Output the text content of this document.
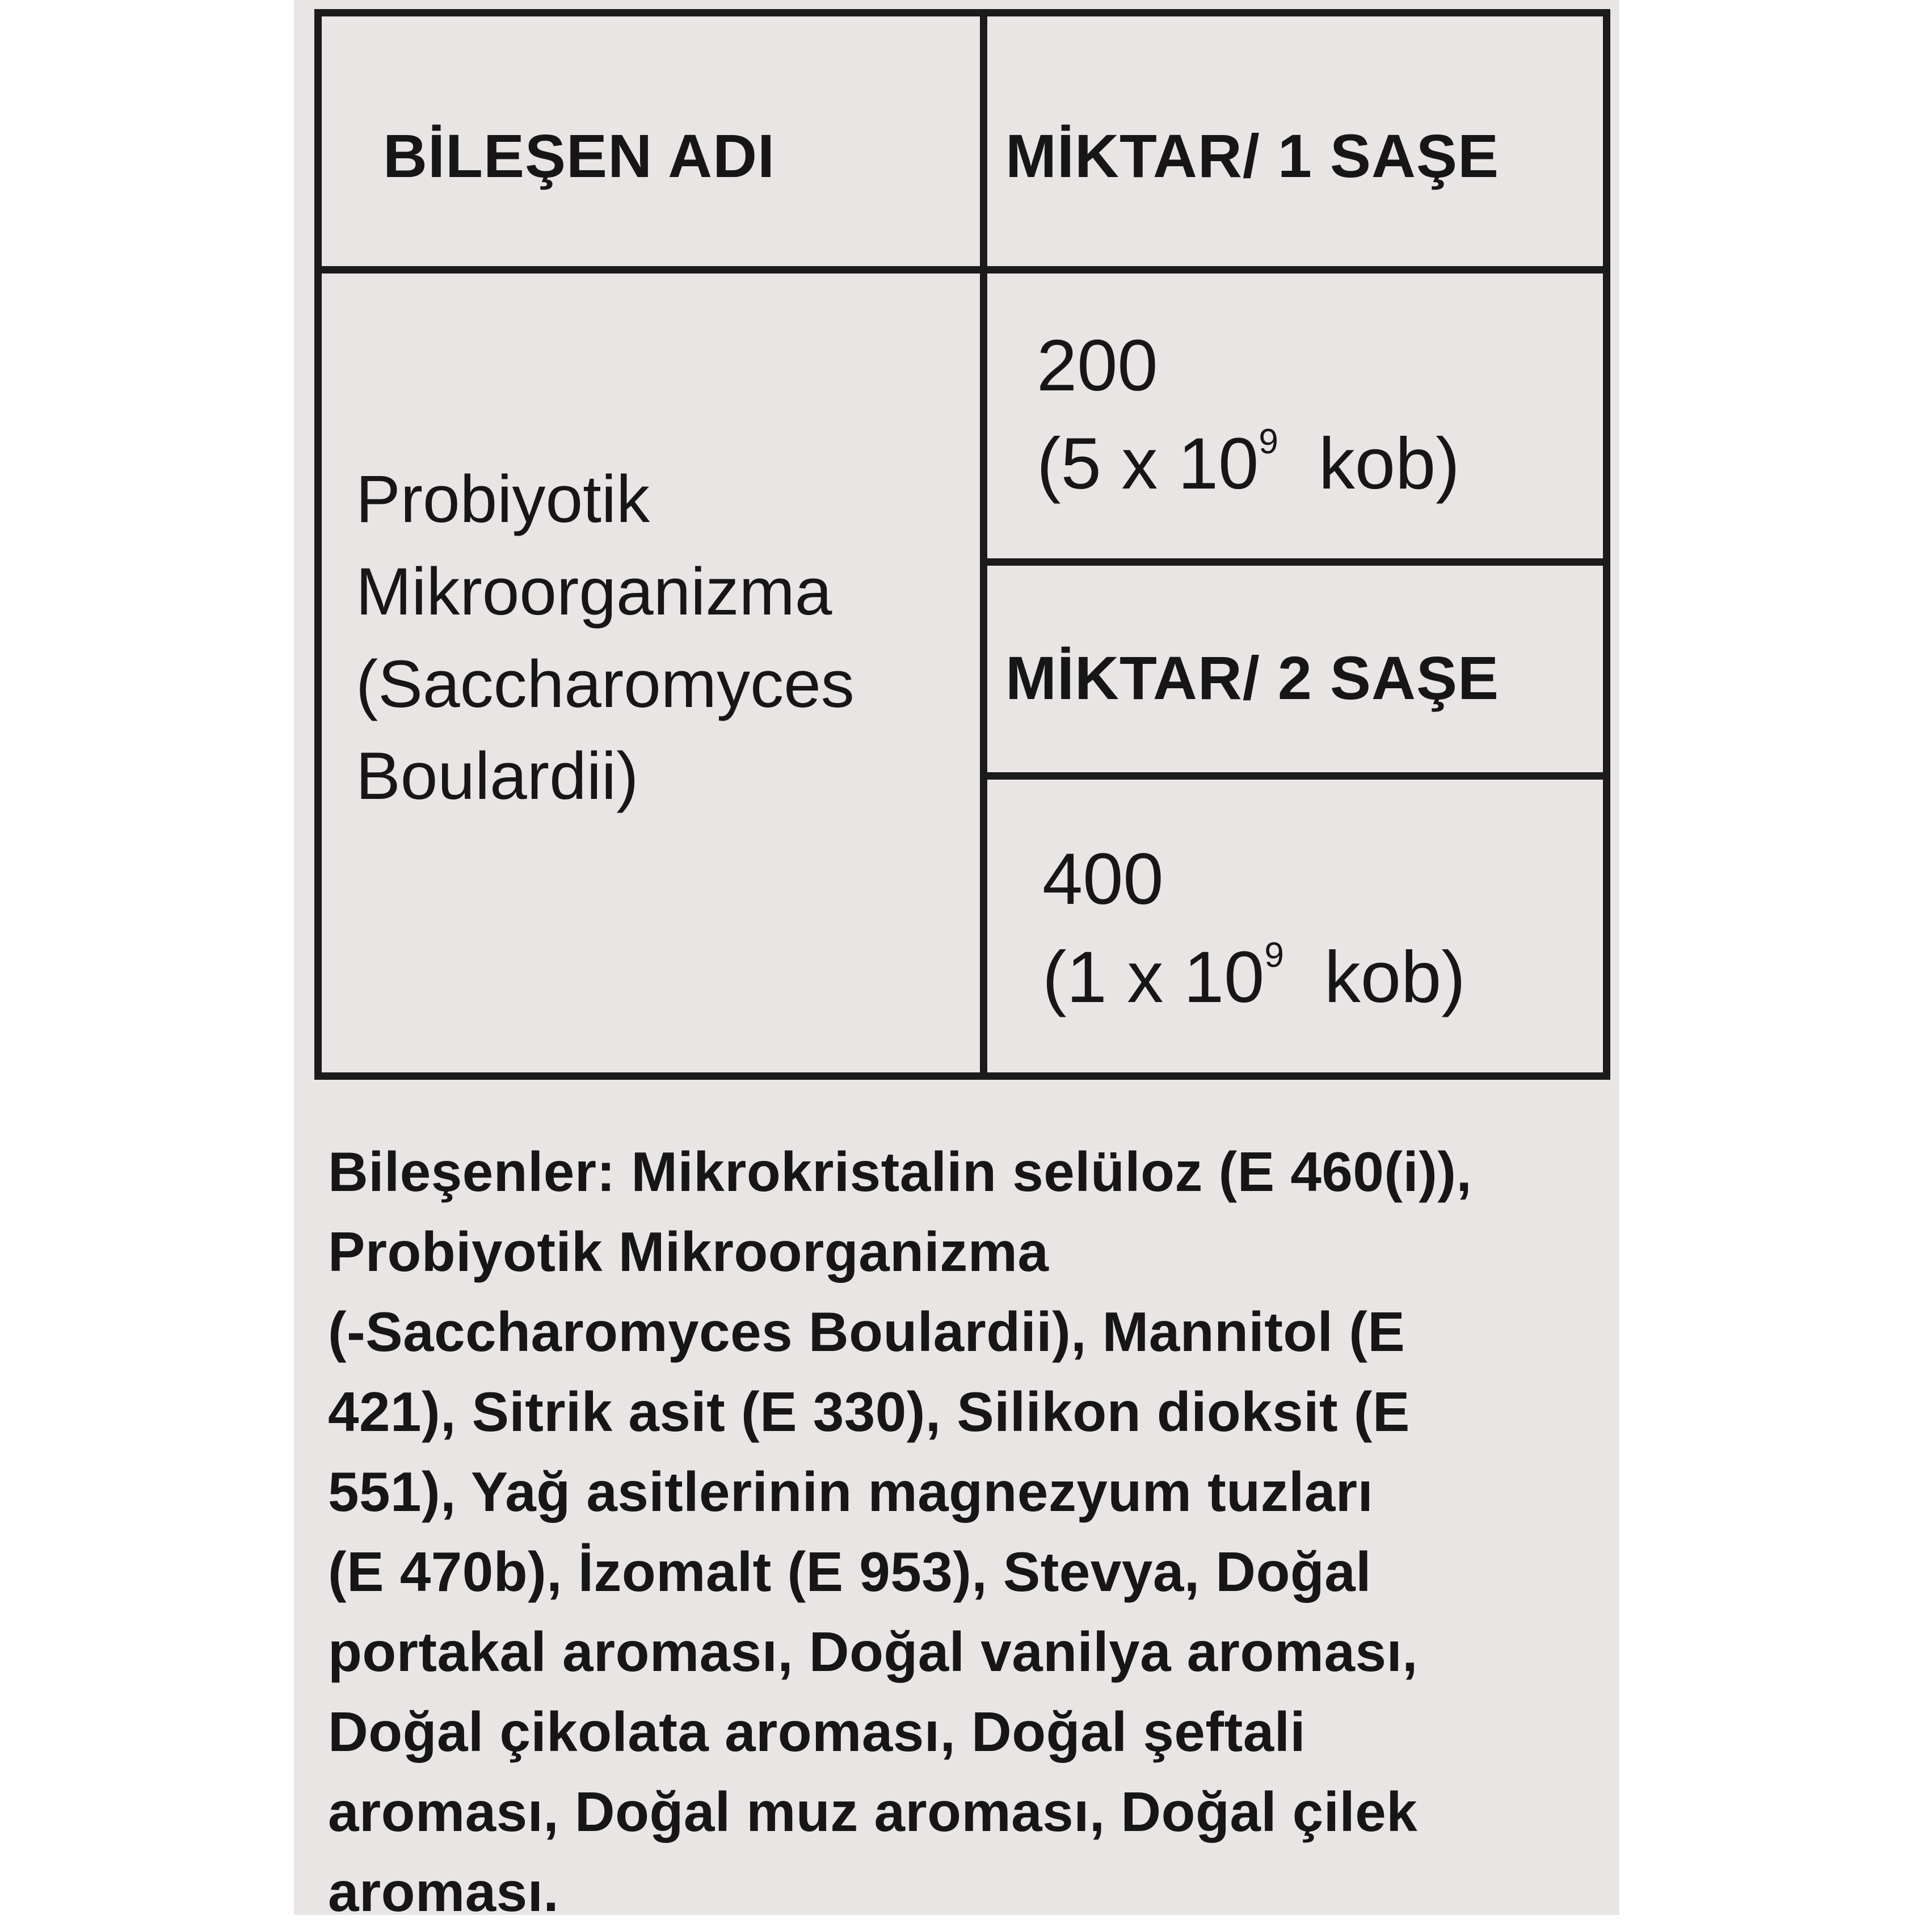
BİLEŞEN ADI	MİKTAR/ 1 SAŞE
Probiyotik
Mikroorganizma
(Saccharomyces
Boulardii)
200
(5 x $10^9$  kob)
MİKTAR/ 2 SAŞE
400
(1 x $10^9$  kob)
Bileşenler: Mikrokristalin selüloz (E 460(i)),
Probiyotik Mikroorganizma
(-Saccharomyces Boulardii), Mannitol (E
421), Sitrik asit (E 330), Silikon dioksit (E
551), Yağ asitlerinin magnezyum tuzları
(E 470b), İzomalt (E 953), Stevya, Doğal
portakal aroması, Doğal vanilya aroması,
Doğal çikolata aroması, Doğal şeftali
aroması, Doğal muz aroması, Doğal çilek
aroması.
